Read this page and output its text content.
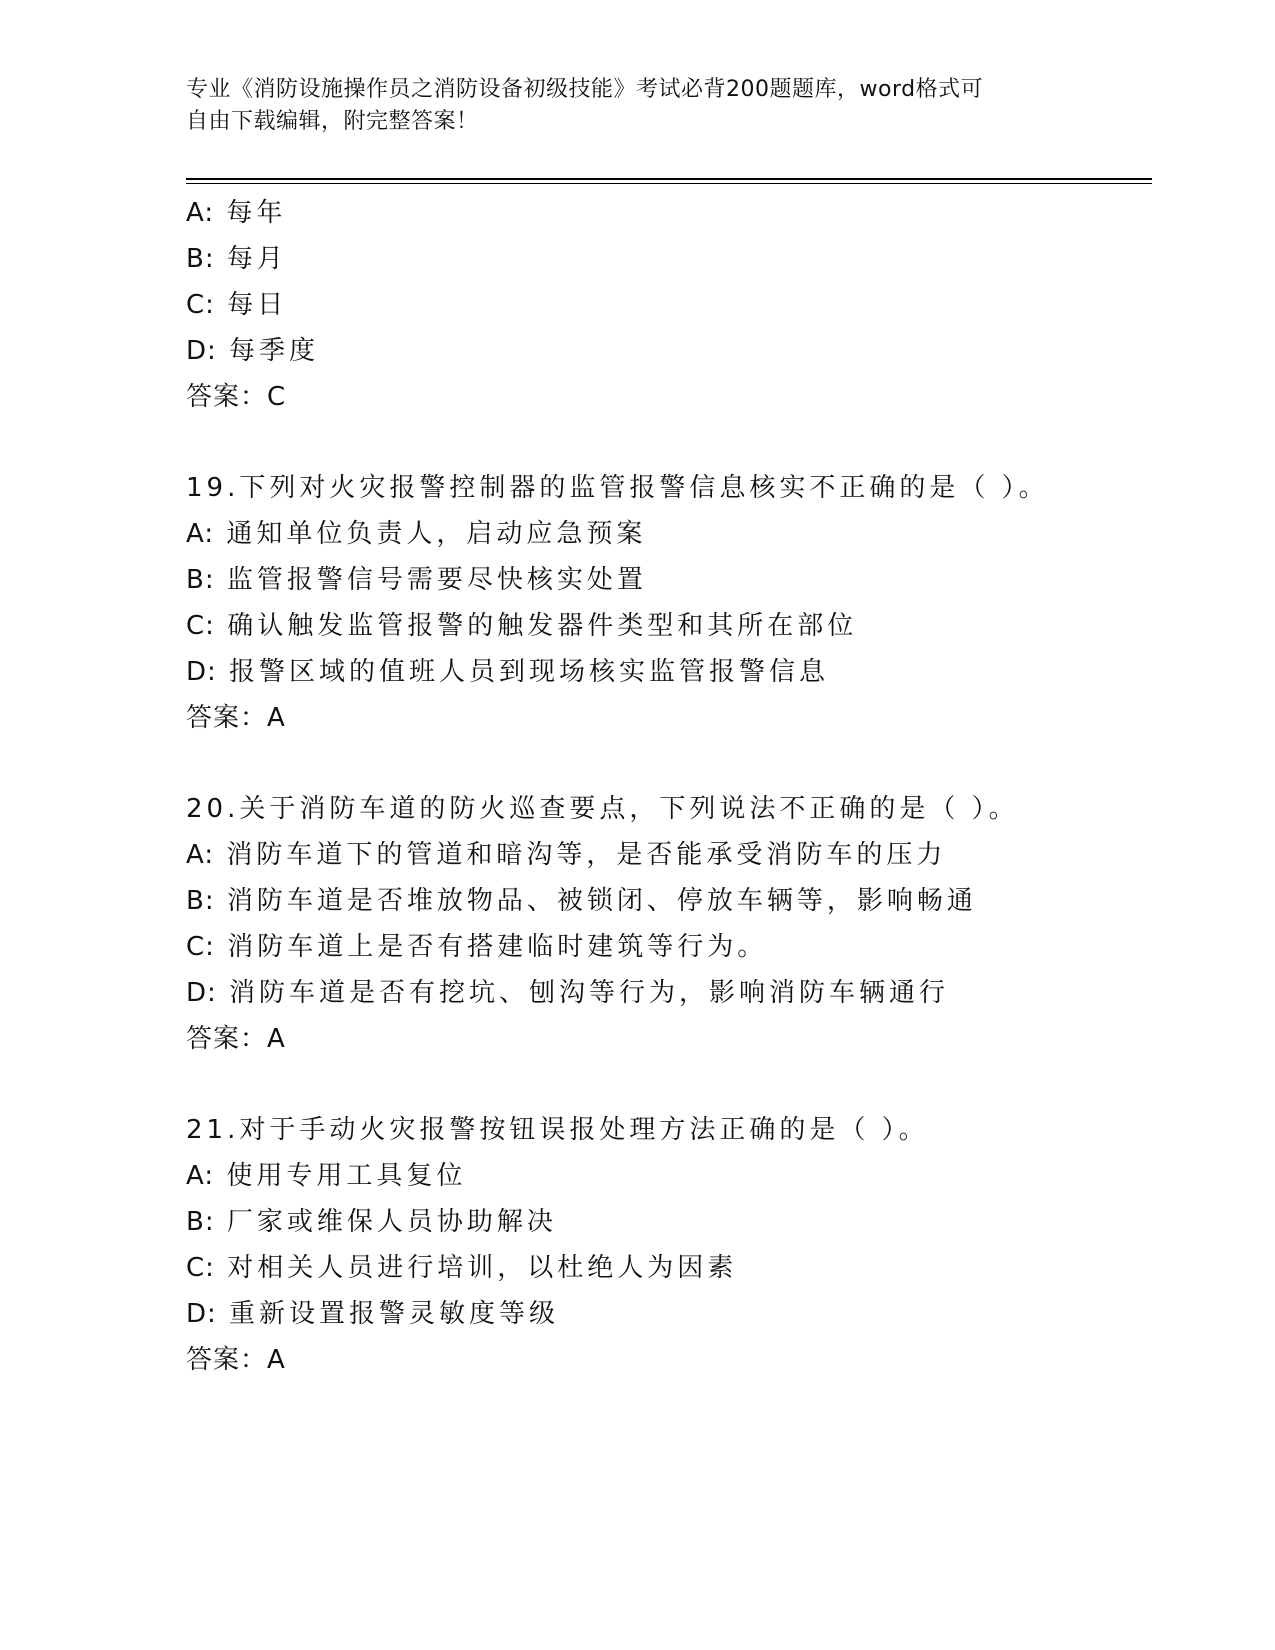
专业《消防设施操作员之消防设备初级技能》考试必背200题题库，word格式可
自由下载编辑，附完整答案！
A: 每年
B: 每月
C: 每日
D: 每季度
答案：C
19.下列对火灾报警控制器的监管报警信息核实不正确的是（ ）。
A: 通知单位负责人，启动应急预案
B: 监管报警信号需要尽快核实处置
C: 确认触发监管报警的触发器件类型和其所在部位
D: 报警区域的值班人员到现场核实监管报警信息
答案：A
20.关于消防车道的防火巡查要点，下列说法不正确的是（ ）。
A: 消防车道下的管道和暗沟等，是否能承受消防车的压力
B: 消防车道是否堆放物品、被锁闭、停放车辆等，影响畅通
C: 消防车道上是否有搭建临时建筑等行为。
D: 消防车道是否有挖坑、刨沟等行为，影响消防车辆通行
答案：A
21.对于手动火灾报警按钮误报处理方法正确的是（ ）。
A: 使用专用工具复位
B: 厂家或维保人员协助解决
C: 对相关人员进行培训，以杜绝人为因素
D: 重新设置报警灵敏度等级
答案：A
